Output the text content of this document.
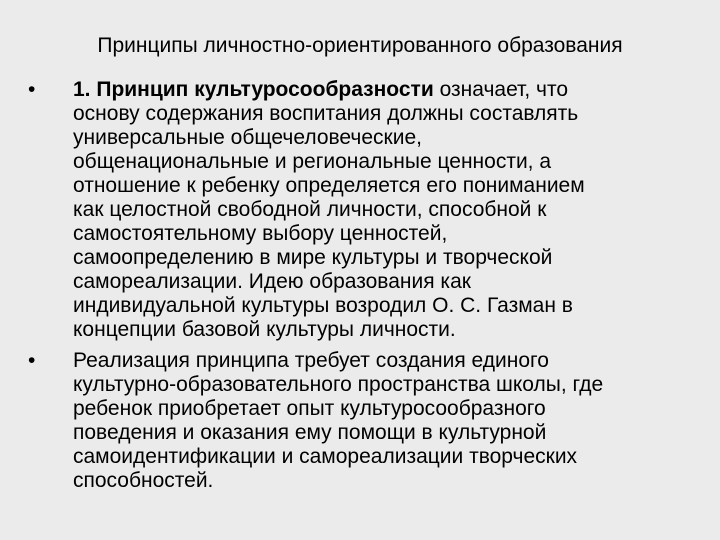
Принципы личностно-ориентированного образования
•	1. Принцип культуросообразности означает, что
основу содержания воспитания должны составлять
универсальные общечеловеческие,
общенациональные и региональные ценности, а
отношение к ребенку определяется его пониманием
как целостной свободной личности, способной к
самостоятельному выбору ценностей,
самоопределению в мире культуры и творческой
самореализации. Идею образования как
индивидуальной культуры возродил О. С. Газман в
концепции базовой культуры личности.
•	Реализация принципа требует создания единого
культурно-образовательного пространства школы, где
ребенок приобретает опыт культуросообразного
поведения и оказания ему помощи в культурной
самоидентификации и самореализации творческих
способностей.
